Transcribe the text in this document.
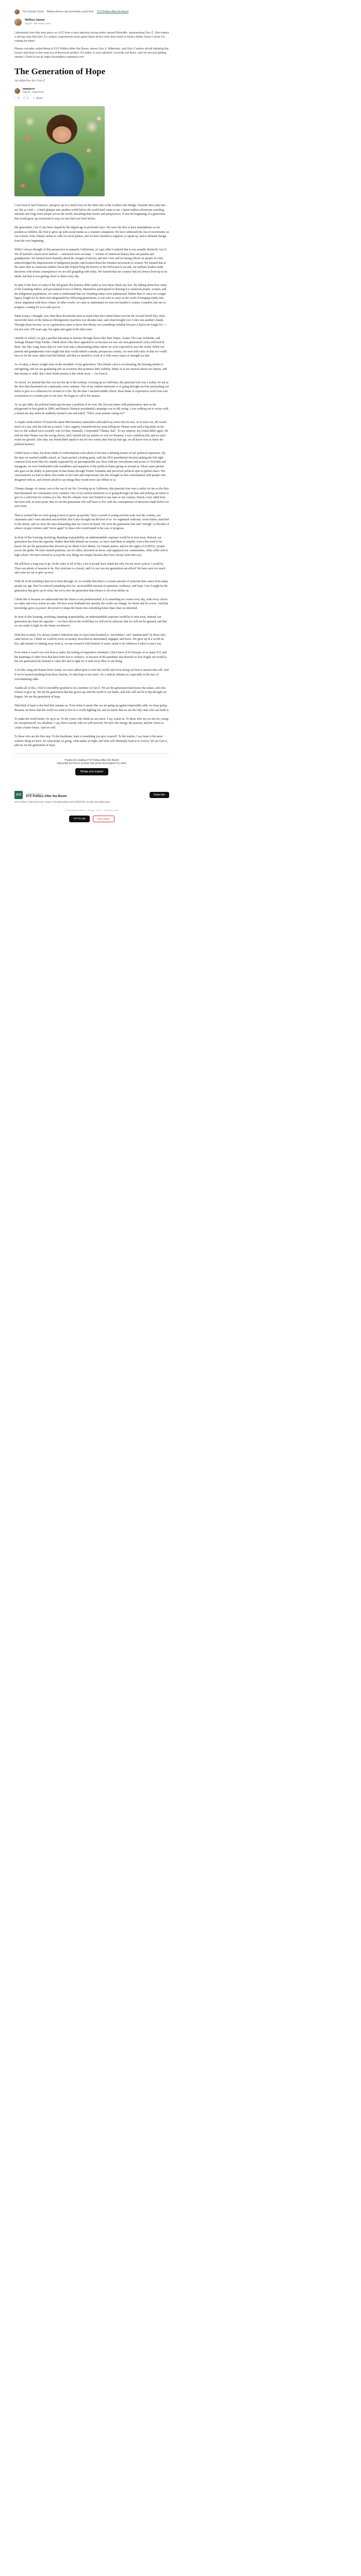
The Greater Good Melissa Amour has promoted a post from XYZ Politics After the Boom
Melissa Amour
Aug 16 · The Greater Good

I absolutely love this new piece on XYZ from a very talented young writer named Meredith, representing Gen Z. She makes a strong case that Gen Z's unique experiences have given them all the tools they need to build a better future I know I'm rooting for them!

Please consider subscribing to XYZ Politics After the Boom, where Gen X, Millennial, and Gen Z writers all tell debating the issues and fears in the new era of American politics. It's editor is very talented: currently out there, and we are just getting started. Check it out at: https://xyzpolitics.substack.com

The Generation of Hope
An adjective for Gen Z
MEREDITH
Aug 15 · Guest Post
♡ 4 ◯ 1 ↗ Share

I was born in San Francisco, and grew up in a small town on the other side of the Golden Gate Bridge. Youtube first came into my life as a kid — a brief glimpse into another world before the world itself came to me. I spent endless afternoons watching tutorials and vlogs from people across the world, absorbing their stories and perspectives. It was the beginning of a generation that would grow up connected in ways no one had ever been before.

My generation, Gen Z, has been shaped by the digital age in profound ways. We were the first to have smartphones in our pockets as children, the first to grow up with social media as a constant companion. We have witnessed the rise of movements on our screens, from climate strikes to calls for racial justice, and we have learned to organize, to speak up, and to demand change from the very beginning.

While I always thought of this perspective as uniquely Californian, as I got older I realized that it was actually distinctly Gen Z. We all learned a much more unified — and much more accurate — version of American history than our parents and grandparents. We learned more honestly about the ravages of slavery and Jim Crow and its lasting effects on people of color, acknowledged the dispossession of indigenous people, and learned about the feminist movement of women. We learned that at the same time as American soldiers heroically helped bring the horrors of the Holocaust to an end, our military leaders made decisions with whose consequences we are still grappling with today. We learned that our country had not always lived up to its ideals, but that it was getting closer to them every day.

In spite of the fears of some of the old guard, this honesty didn't make us love these ideals any less. By talking about how many of the founding fathers, self-proclaimed lovers of liberty, themselves participated in denying it to enslaved people, women, and the indigenous populations, we came to understand that our founding values were aspirational. Rather than to carry on a single legacy fought for by them and safeguarded by following generations, it was ours to carry on the work of bringing reality into closer alignment with those values. In other words, we came to understand we were not handed a country complete, but one in progress, waiting for us to take part in.

Same ironies, I thought, was what these documents most in mind when the United States rewrote the second World War, what moved the heart of the Selma-to-Montgomery marchers two decades later, and what brought Gen X into one another's hands. Through those lessons, we as a generation came to know that liberty was something valuable because it had to be fought for — not just once 250 years ago, but again and again in the time since.

Outside of school, we got a parallel education in fairness through shows like Teen Titans, Avatar: The Last Airbender, and Teenage Mutant Ninja Turtles. I think shows like these appealed to us because we saw our own generation's story reflected in them. We, like Aang, knew that we were born into a disorienting future where we were expected to save the world. While our parents and grandparents were taught that they would inherit a steady, prosperous country, we were told early on that we would have to fix the mess others had left behind, and that we needed to work at it with every ounce of strength we had.

As of today, a heavy weight rests on the shoulders of my generation. The climate crisis is accelerating, the housing market is unforgiving, and we are graduating into an economy that promises little stability. Many of us are anxious about our futures, and that anxiety is valid. But I don't think anxiety is the whole story — far from it.

At school, we learned that this was not the tip of the iceberg. Growing up in California, this punctual tone was a reality for me as the fires that threatened our community every summer. One of my earliest memories is of going through our bins and picking out items to give to a collection for victims of a fire. By the time I reached middle school, these kinds of experiences went from rare occurrences to a routine part of our year. We began to call it fire season.

As we get older, the political landscape became a problem of its own. My first encounter with polarization came as the playground in first grade in 2008, and Barack Obama's presidential campaign was in full swing. I was walking out to recess with a friend one day when he suddenly turned to me and asked, "Who's your parents voting for?"

A couple weeks before I'd heard the name Mitt Romney somewhere and asked my mom who he was. As it turns out, she wasn't much of a fan, and she told me as much. I also vaguely remembered my mom telling me Obama went with a big smile on his face so she walked out to proudly vote for him. Naturally, I responded "Obama, duh." To my surprise, my friend didn't agree. He told me that Obama was the wrong choice, and I should tell my parents to vote for Romney. I was a stubborn kid, and we each stood our ground. After that, my friend didn't speak to me for two weeks after that (at that age, we all know how to hurry the political barrier).

I didn't know it then, but those kinds of confrontations were about to become a defining feature of our political experience. By the time we reached middle school, as I had reached a boiling point, with the 2016 presidential election making the left-right contrasts look more like two islands separated by an unconquerable sea. How with my own phones and access to YouTube and Instagram, we were bombarded with soundbites and snapshots of the political drama going on around us. Those same phones also gave us the ability to participate in that drama through Twitter fountains and perceived political spin on global chaos. The conversations we had on these sites made us feel seen and empowered, but also brought us into confrontation with people who disagreed with us, and weren't afraid to say things they would never say offline to us.

Climate change, of course, was at the top of our list. Growing up in California, this punctual tone was a reality for me as the fires that threatened our community every summer. One of my earliest memories is of going through our bins and picking out items to give to a collection for victims of a fire. But the climate crisis isn't limited to one state or one country. Nearly every child born has been told, at some point, that we are the generation who will have to live with the consequences of decisions made before we were born.

Then it seemed like we were going to have to grow up quickly. Once a sword of young activists took over the country, our classmates and I were shocked and terrified. But it also brought out the best of us: we organized walkouts, wrote letters, marched in the streets, and we were the ones demanding that our voices be heard. We were the generation that said "enough" to decades of silence on gun violence and "never again" to those who would stand in the way of progress.

In front of this looming, terrifying, daunting responsibility, an understandable response would be to turn away. Instead, our generation has done the opposite. Rather than hide behind our screens, we have used them to amplify voices that need to be heard. We are the generation that showed up for Black Lives Matter, for climate justice, and for the rights of LGBTQ+ people across the globe. We have started petitions, run for office, knocked on doors, and organized our communities, often while still in high school. We have refused to accept the way things are simply because they have always been that way.

We still have a long way to go. In the wake of all of this, a lot of people have asked me why I'm not more cynical. I could be. There are plenty of reasons to be. But cynicism is a luxury, and it is not one my generation can afford. We have seen too much and come too far to give up now.

With all of the hardships that we've been through, it's no wonder that there's a certain amount of cynicism that comes from many people my age. But I've noticed something else too: an incredible amount of optimism, resilience, and hope. Gen Z might be the generation that grew up in crisis, but we're also the generation that refuses to let crisis define us.

I think this is because we understand that the future is not predetermined. It is something we create every day, with every choice we make and every action we take. We have seen firsthand how quickly the world can change, for better and for worse. And that knowledge gives us power: the power to shape the future into something better than what we inherited.

In front of this looming, terrifying, daunting responsibility, an understandable response would be to turn away. Instead, our generation has done the opposite — we have shown the world that we will not be silenced, that we will not be ignored, and that we are ready to fight for the future we deserve.

With this in mind, I've always found it ridiculous that we have been branded as "snowflakes" and "unmotivated" by those who came before us. I think we could be more accurately described as determined, engaged, and brave. We grew up in a world on fire, and instead of running away from it, we ran toward it with buckets of water, ready to do whatever it takes to put it out.

Even when it wasn't our own lives at stake, the feeling of imperative remained. I don't know if it's because of so many 9/11 and the hauntings of other lives that have been lost to violence, or because of the pandemic that showed us how fragile our world is, but our generation has learned to value life and to fight for it with every fiber of our being.

A lot like Aang and Katara from Avatar, we were called upon to save the world, and we're doing our best to answer that call. And if we've learned anything from those lessons, it's that hope is not naive. It's a radical, defiant act, especially in the face of overwhelming odds.

Amidst all of this, I feel so incredibly grateful to be a member of Gen Z. We are the generation that knows the stakes, and who refuses to give up. We are the generation that has grown up with the world in our hands, and who will not let it slip through our fingers. We are the generation of hope.

That kind of hope is the kind that sustains us. Even when it seems like we are going up against impossible odds, we keep going. Because we know that the world we want to live in is worth fighting for, and we know that we are the only ones who can build it.

To make the world better, it's up to us. To the cynics who think we are naive: I say, watch us. To those who say we are too young, too inexperienced, too idealistic: I say, that's exactly why we will succeed. We have the energy, the passion, and the vision to create a better future. And we will.

To those who are the first step. To the daydream, hope is something you give yourself. To the realists, I say hope is the most realistic thing we have. It's what keeps us going, what makes us fight, and what will ultimately lead us to victory. We are Gen Z, and we are the generation of hope.

Thanks for reading XYZ Politics After the Boom!
Subscribe for free to receive new posts and support my work.
Pledge your support
XYZ	Originally posted in
XYZ Politics After the Boom	Subscribe
XYZ Politics "After the boom" mean? The generations who will fill the era after the baby boom.
© 2023 Melissa Amour · Privacy · Terms · Collection notice
Get the app	Start writing
